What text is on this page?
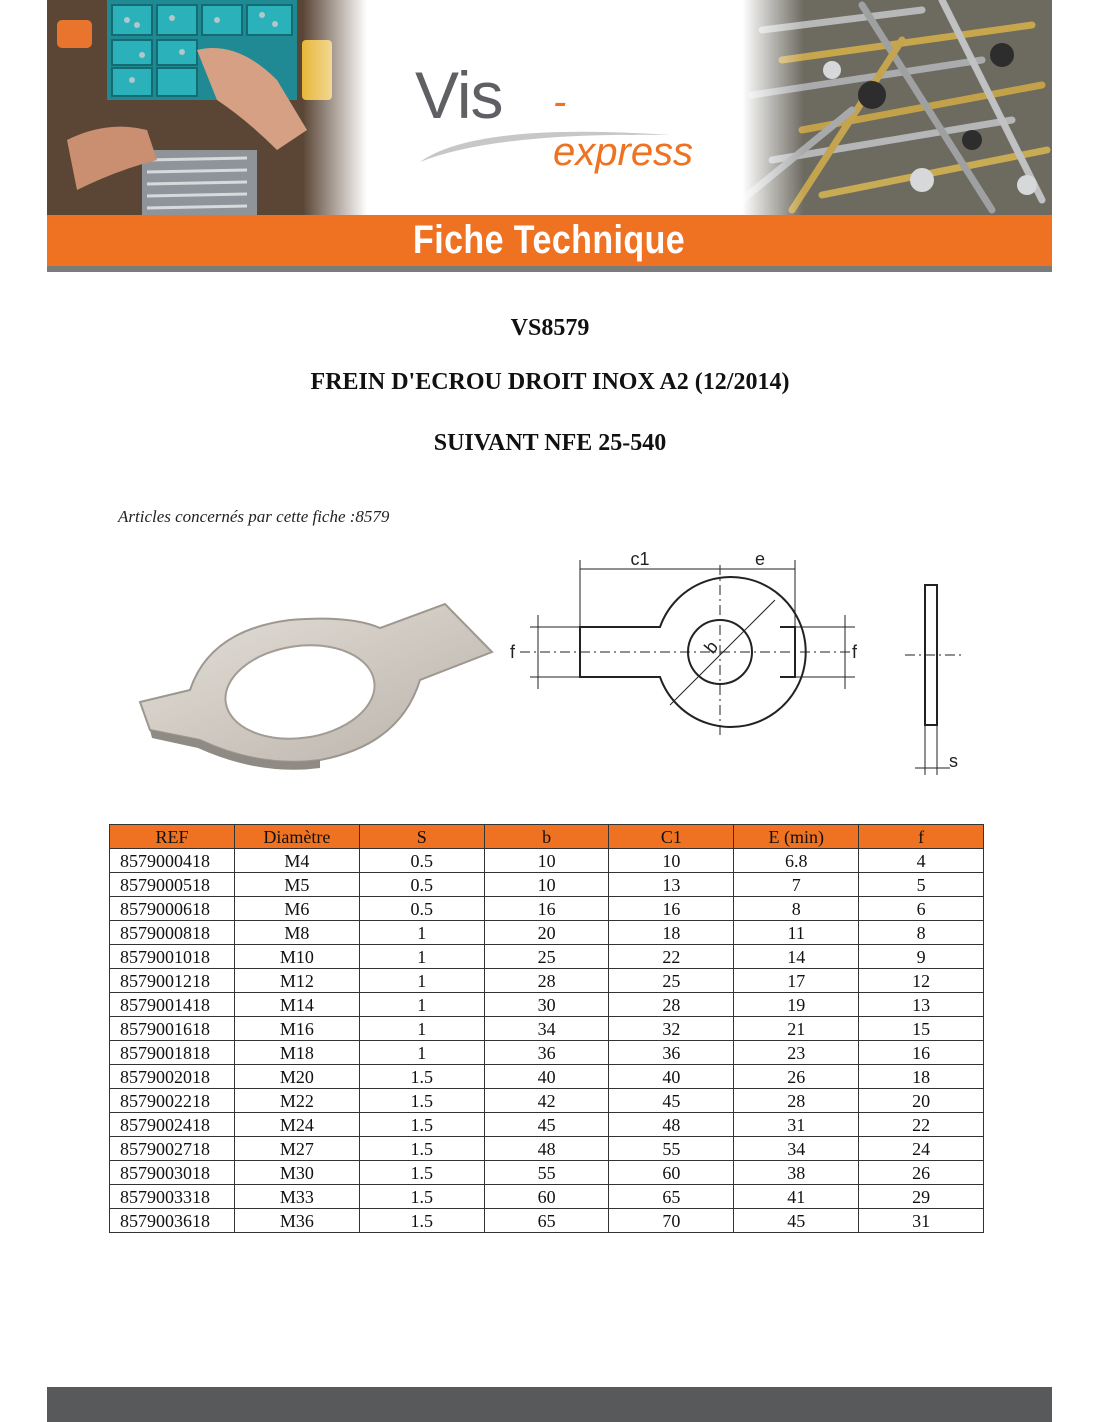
Vis -express
Fiche Technique
VS8579
FREIN D'ECROU DROIT INOX A2 (12/2014)
SUIVANT NFE 25-540
Articles concernés par cette fiche :8579
c1	e
f	f
b
s
REF	Diamètre	S	b	C1	E (min)	f
8579000418	M4	0.5	10	10	6.8	4
8579000518	M5	0.5	10	13	7	5
8579000618	M6	0.5	16	16	8	6
8579000818	M8	1	20	18	11	8
8579001018	M10	1	25	22	14	9
8579001218	M12	1	28	25	17	12
8579001418	M14	1	30	28	19	13
8579001618	M16	1	34	32	21	15
8579001818	M18	1	36	36	23	16
8579002018	M20	1.5	40	40	26	18
8579002218	M22	1.5	42	45	28	20
8579002418	M24	1.5	45	48	31	22
8579002718	M27	1.5	48	55	34	24
8579003018	M30	1.5	55	60	38	26
8579003318	M33	1.5	60	65	41	29
8579003618	M36	1.5	65	70	45	31
